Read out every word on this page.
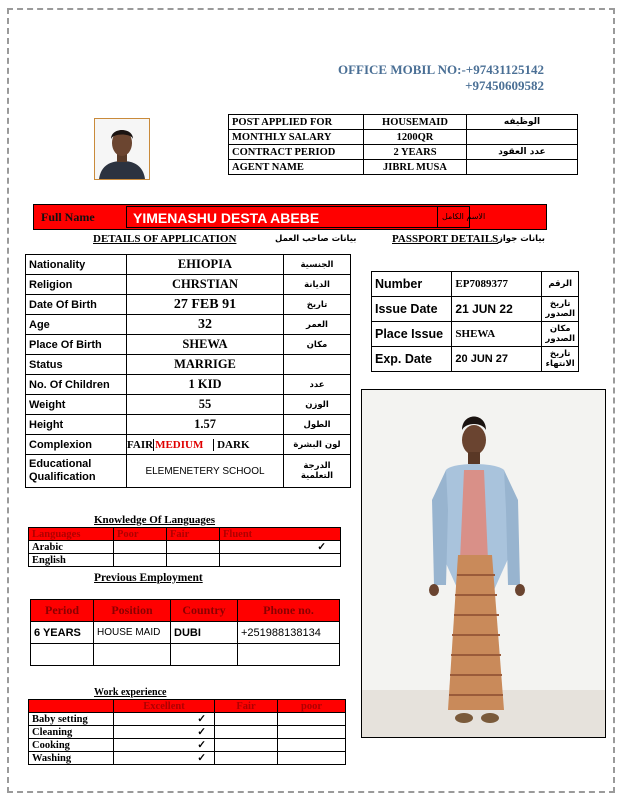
OFFICE MOBIL NO:-+97431125142
+97450609582
POST APPLIED FOR	HOUSEMAID	الوظيفه
MONTHLY SALARY	1200QR	
CONTRACT PERIOD	2 YEARS	عدد العقود
AGENT NAME	JIBRL MUSA	
Full Name	YIMENASHU DESTA ABEBE	الاسم الكامل
DETAILS OF APPLICATION	بيانات صاحب العمل	PASSPORT DETAILS بيانات جواز
Nationality	EHIOPIA	الجنسية
Religion	CHRSTIAN	الديانة
Date Of Birth	27 FEB 91	تاريخ
Age	32	العمر
Place Of Birth	SHEWA	مكان
Status	MARRIGE	
No. Of Children	1 KID	عدد
Weight	55	الوزن
Height	1.57	الطول
Complexion	FAIR MEDIUM DARK	لون البشرة
Educational Qualification	ELEMENETERY SCHOOL	الدرجة التعلمية
Number	EP7089377	الرقم
Issue Date	21 JUN 22	تاريخ الصدور
Place Issue	SHEWA	مكان الصدور
Exp. Date	20 JUN 27	تاريخ الانتهاء
Knowledge Of Languages
Languages	Poor	Fair	Fluent
Arabic			✓
English			
Previous Employment
Period	Position	Country	Phone no.
6 YEARS	HOUSE MAID	DUBI	+251988138134

Work experience
	Excellent	Fair	poor
Baby setting	✓		
Cleaning	✓		
Cooking	✓		
Washing	✓		
